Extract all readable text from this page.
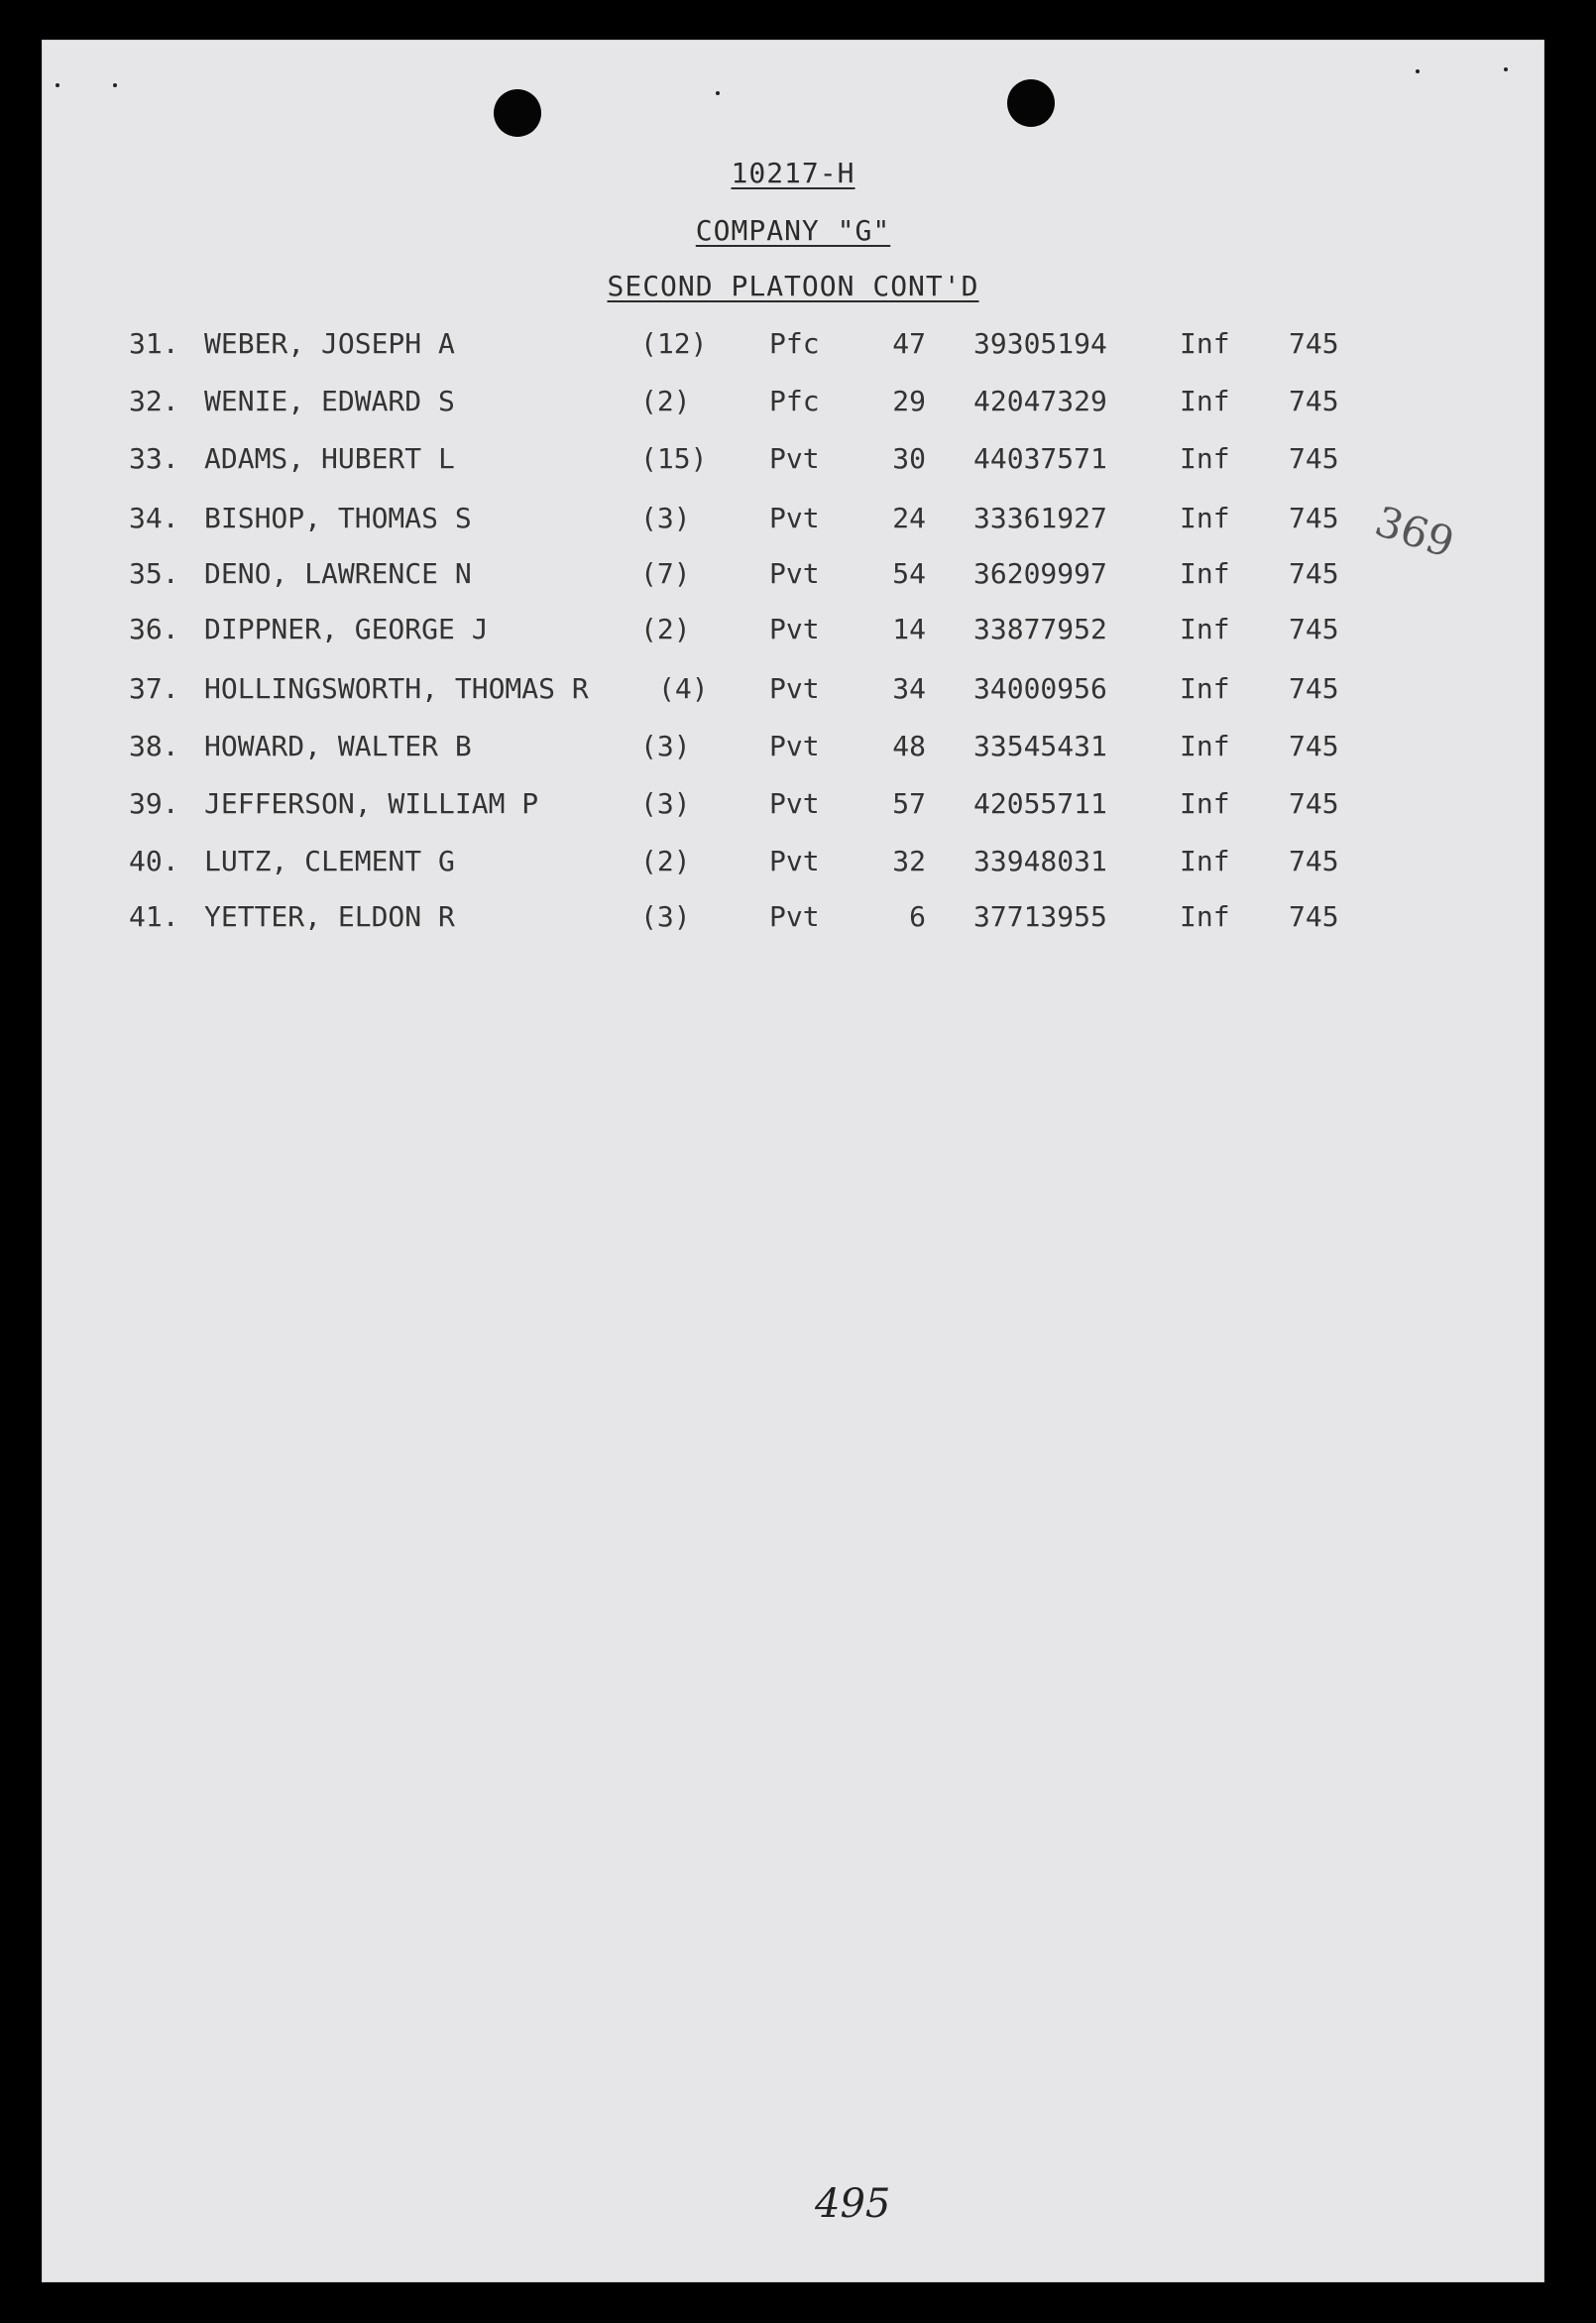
10217-H
COMPANY "G"
SECOND PLATOON CONT'D
31. WEBER, JOSEPH A	(12) Pfc	47 39305194	Inf 745
32. WENIE, EDWARD S	(2)	Pfc	29 42047329	Inf 745
33. ADAMS, HUBERT L	(15) Pvt	30 44037571	Inf 745
34. BISHOP, THOMAS S	(3)	Pvt	24 33361927	Inf 745
35. DENO, LAWRENCE N	(7)	Pvt	54 36209997	Inf 745
36. DIPPNER, GEORGE J	(2)	Pvt	14 33877952	Inf 745
37. HOLLINGSWORTH, THOMAS R	(4) Pvt	34 34000956	Inf 745
38. HOWARD, WALTER B	(3)	Pvt	48 33545431	Inf 745
39. JEFFERSON, WILLIAM P	(3)	Pvt	57 42055711	Inf 745
40. LUTZ, CLEMENT G	(2)	Pvt	32 33948031	Inf 745
41. YETTER, ELDON R	(3)	Pvt	6 37713955	Inf 745
369
495
